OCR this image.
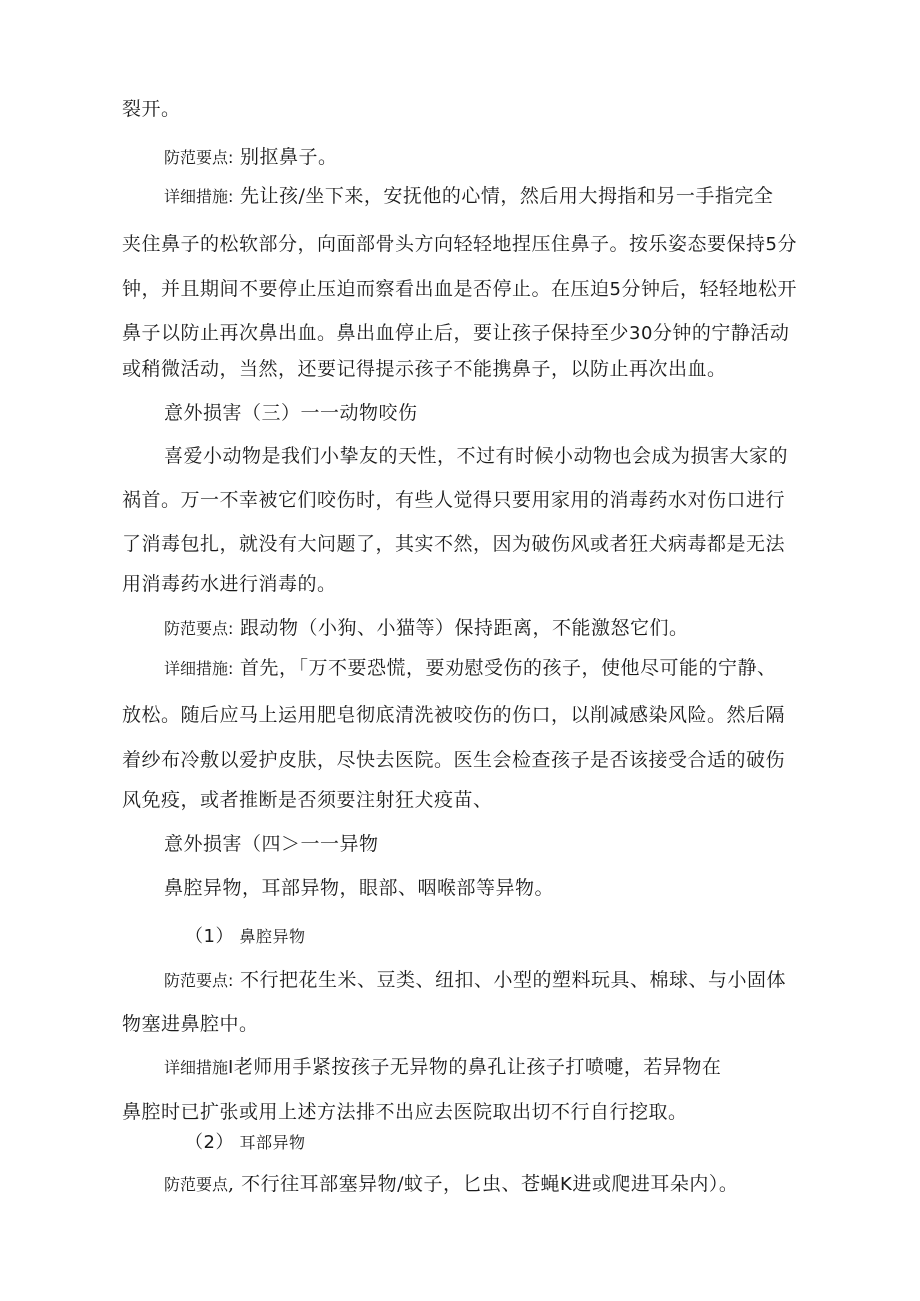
裂开。
防范要点: 别抠鼻子。
详细措施: 先让孩/坐下来，安抚他的心情，然后用大拇指和另一手指完全
夹住鼻子的松软部分，向面部骨头方向轻轻地捏压住鼻子。按乐姿态要保持5分
钟，并且期间不要停止压迫而察看出血是否停止。在压迫5分钟后，轻轻地松开
鼻子以防止再次鼻出血。鼻出血停止后，要让孩子保持至少30分钟的宁静活动
或稍微活动，当然，还要记得提示孩子不能携鼻子，以防止再次出血。
意外损害（三）一一动物咬伤
喜爱小动物是我们小挚友的天性，不过有时候小动物也会成为损害大家的
祸首。万一不幸被它们咬伤时，有些人觉得只要用家用的消毒药水对伤口进行
了消毒包扎，就没有大问题了，其实不然，因为破伤风或者狂犬病毒都是无法
用消毒药水进行消毒的。
防范要点: 跟动物（小狗、小猫等）保持距离，不能激怒它们。
详细措施: 首先，「万不要恐慌，要劝慰受伤的孩子，使他尽可能的宁静、
放松。随后应马上运用肥皂彻底清洗被咬伤的伤口，以削减感染风险。然后隔
着纱布冷敷以爱护皮肤，尽快去医院。医生会检查孩子是否该接受合适的破伤
风免疫，或者推断是否须要注射狂犬疫苗、
意外损害（四＞一一异物
鼻腔异物，耳部异物，眼部、咽喉部等异物。
（1） 鼻腔异物
防范要点: 不行把花生米、豆类、纽扣、小型的塑料玩具、棉球、与小固体
物塞进鼻腔中。
详细措施I老师用手紧按孩子无异物的鼻孔让孩子打喷嚏，若异物在
鼻腔时已扩张或用上述方法排不出应去医院取出切不行自行挖取。
（2） 耳部异物
防范要点, 不行往耳部塞异物/蚊子，匕虫、苍蝇K进或爬进耳朵内）。
